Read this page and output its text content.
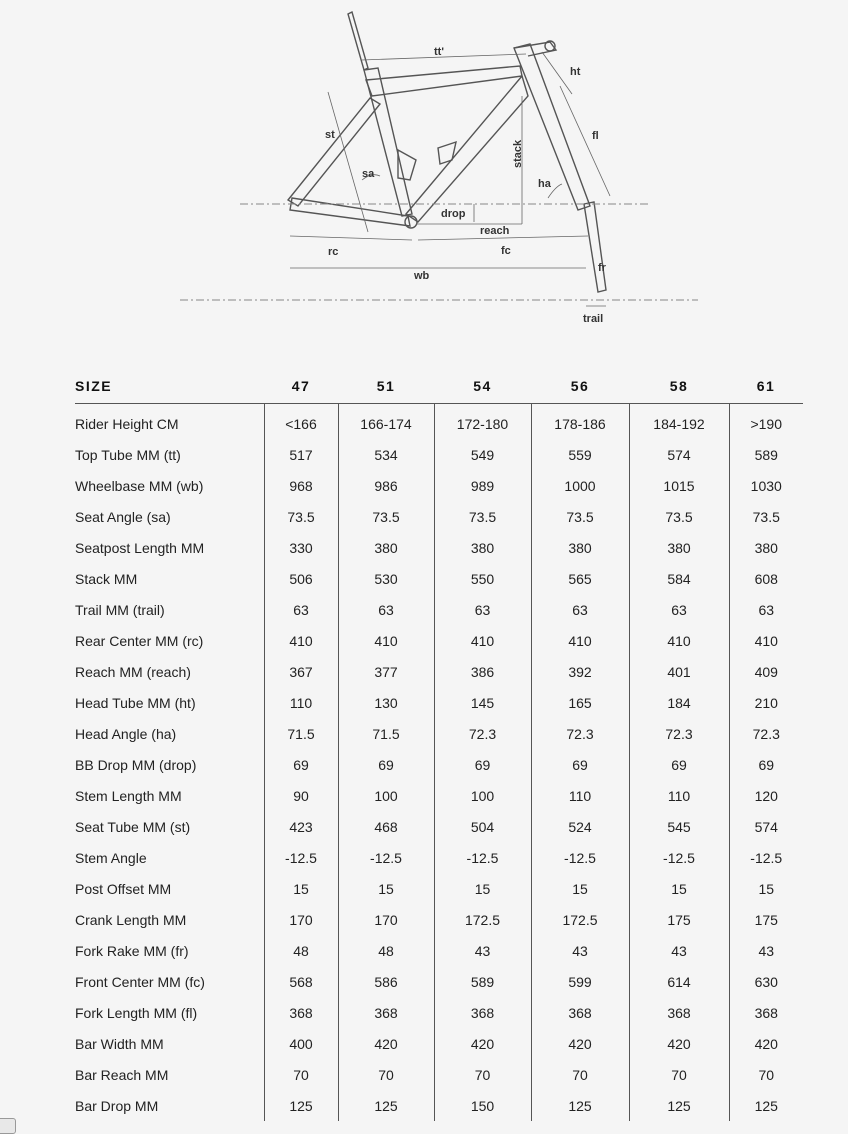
tt'
ht
st	fl
stack
sa
ha
drop
reach
rc	fc
fr
wb
trail
SIZE	47	51	54	56	58	61
Rider Height CM	<166	166-174	172-180	178-186	184-192	>190
Top Tube MM (tt)	517	534	549	559	574	589
Wheelbase MM (wb)	968	986	989	1000	1015	1030
Seat Angle (sa)	73.5	73.5	73.5	73.5	73.5	73.5
Seatpost Length MM	330	380	380	380	380	380
Stack MM	506	530	550	565	584	608
Trail MM (trail)	63	63	63	63	63	63
Rear Center MM (rc)	410	410	410	410	410	410
Reach MM (reach)	367	377	386	392	401	409
Head Tube MM (ht)	110	130	145	165	184	210
Head Angle (ha)	71.5	71.5	72.3	72.3	72.3	72.3
BB Drop MM (drop)	69	69	69	69	69	69
Stem Length MM	90	100	100	110	110	120
Seat Tube MM (st)	423	468	504	524	545	574
Stem Angle	-12.5	-12.5	-12.5	-12.5	-12.5	-12.5
Post Offset MM	15	15	15	15	15	15
Crank Length MM	170	170	172.5	172.5	175	175
Fork Rake MM (fr)	48	48	43	43	43	43
Front Center MM (fc)	568	586	589	599	614	630
Fork Length MM (fl)	368	368	368	368	368	368
Bar Width MM	400	420	420	420	420	420
Bar Reach MM	70	70	70	70	70	70
Bar Drop MM	125	125	150	125	125	125
